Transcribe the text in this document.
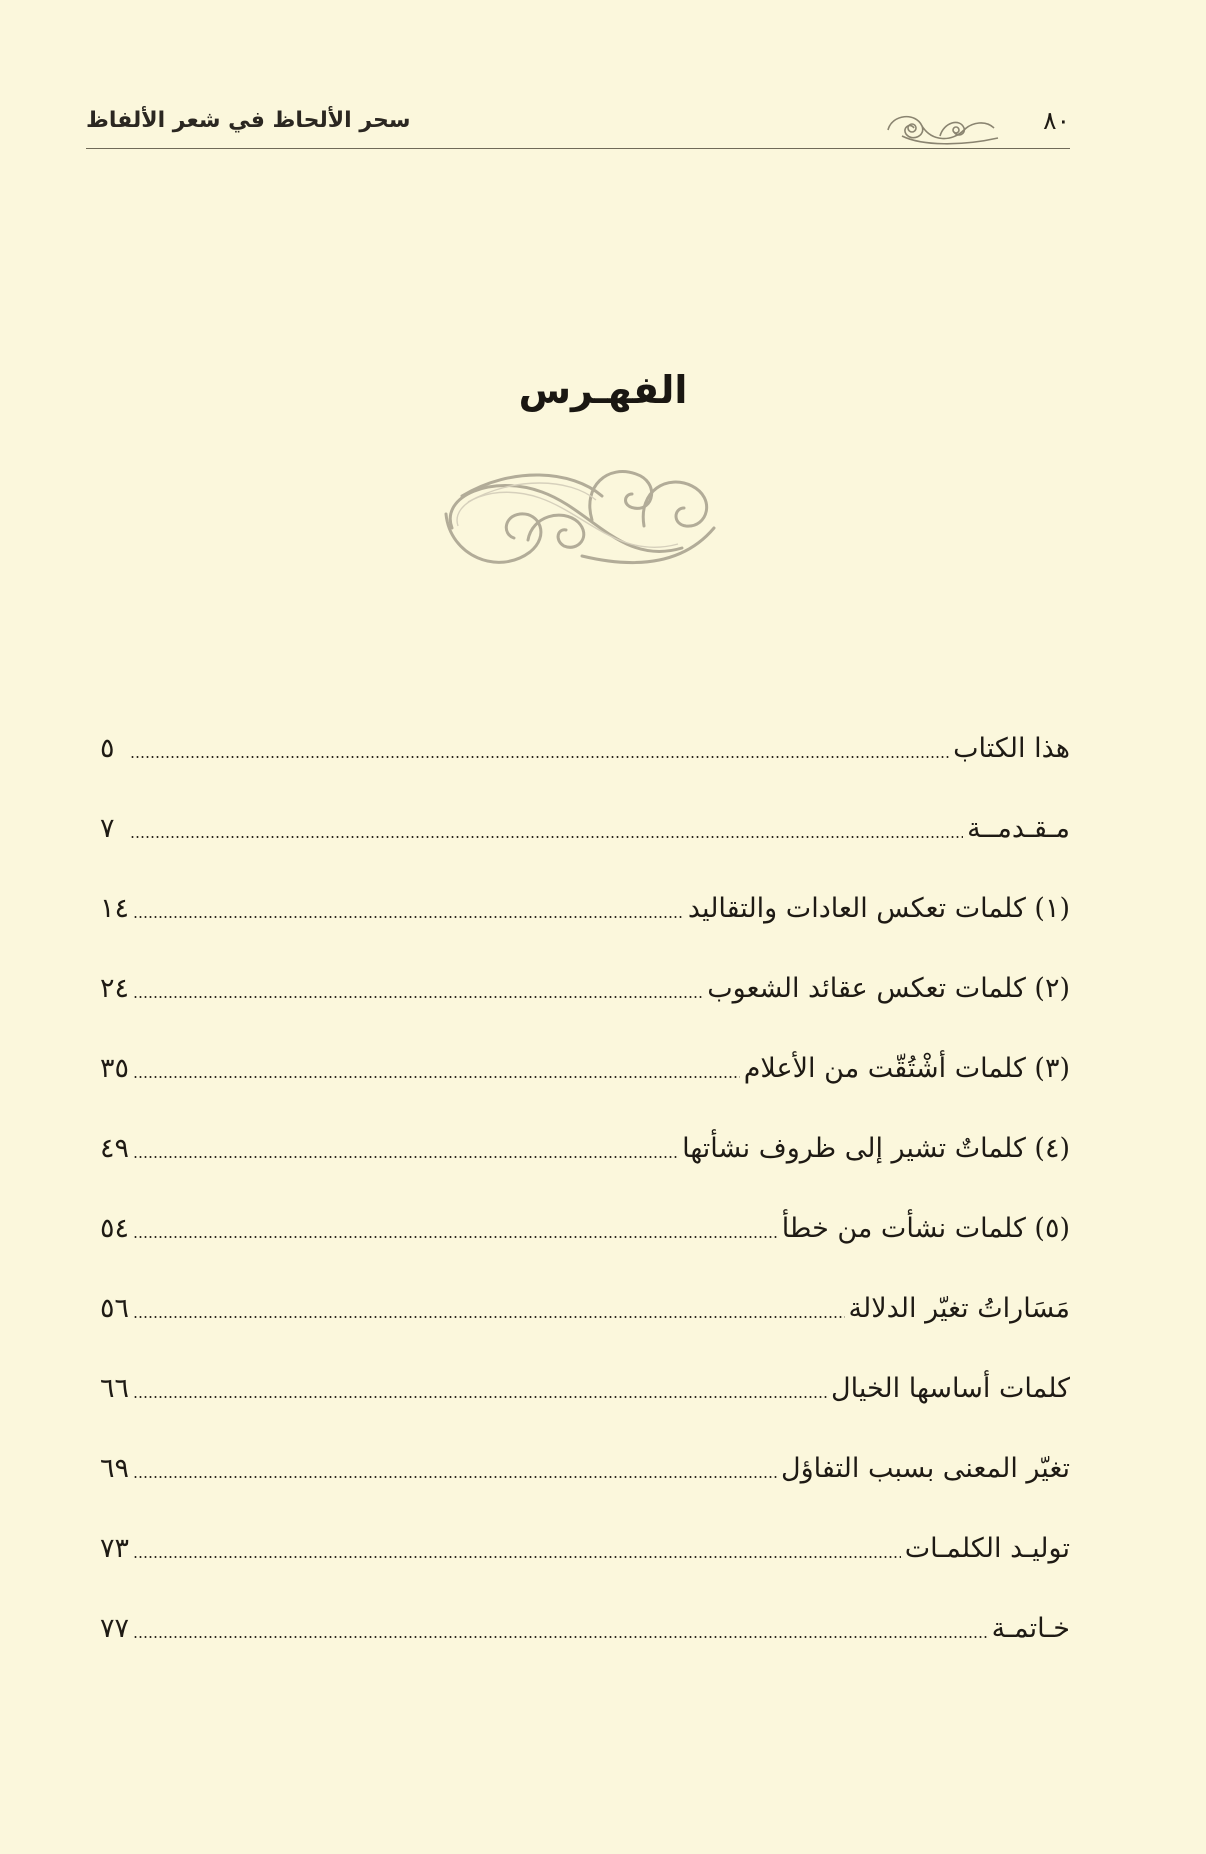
٨٠
سحر الألحاظ في شعر الألفاظ
الفهـرس
هذا الكتاب
٥
مـقـدمــة
٧
(١) كلمات تعكس العادات والتقاليد
١٤
(٢) كلمات تعكس عقائد الشعوب
٢٤
(٣) كلمات أشْتُقّت من الأعلام
٣٥
(٤) كلماتٌ تشير إلى ظروف نشأتها
٤٩
(٥) كلمات نشأت من خطأ
٥٤
مَسَاراتُ تغيّر الدلالة
٥٦
كلمات أساسها الخيال
٦٦
تغيّر المعنى بسبب التفاؤل
٦٩
توليـد الكلمـات
٧٣
خـاتمـة
٧٧
